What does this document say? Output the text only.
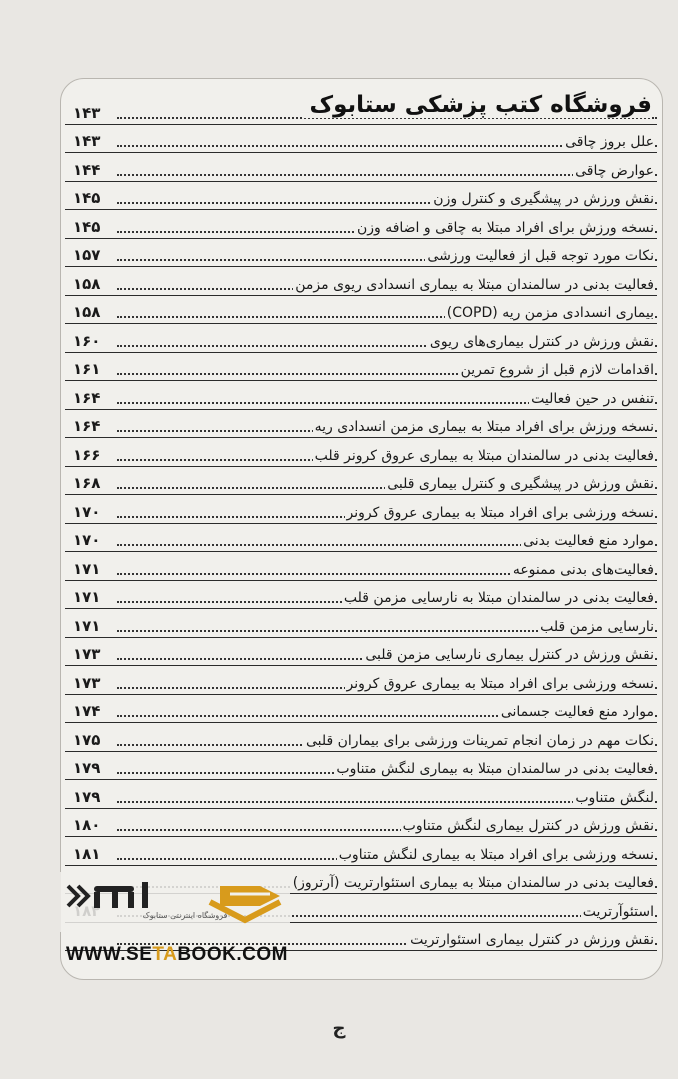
فروشگاه کتب پزشکی ستابوک
۱۴۳
علل بروز چاقی
۱۴۳
عوارض چاقی
۱۴۴
نقش ورزش در پیشگیری و کنترل وزن
۱۴۵
نسخه ورزش برای افراد مبتلا به چاقی و اضافه وزن
۱۴۵
نکات مورد توجه قبل از فعالیت ورزشی
۱۵۷
فعالیت بدنی در سالمندان مبتلا به بیماری انسدادی ریوی مزمن
۱۵۸
بیماری انسدادی مزمن ریه (COPD)
۱۵۸
نقش ورزش در کنترل بیماری‌های ریوی
۱۶۰
اقدامات لازم قبل از شروع تمرین
۱۶۱
تنفس در حین فعالیت
۱۶۴
نسخه ورزش برای افراد مبتلا به بیماری مزمن انسدادی ریه
۱۶۴
فعالیت بدنی در سالمندان مبتلا به بیماری عروق کرونر قلب
۱۶۶
نقش ورزش در پیشگیری و کنترل بیماری قلبی
۱۶۸
نسخه ورزشی برای افراد مبتلا به بیماری عروق کرونر
۱۷۰
موارد منع فعالیت بدنی
۱۷۰
فعالیت‌های بدنی ممنوعه
۱۷۱
فعالیت بدنی در سالمندان مبتلا به نارسایی مزمن قلب
۱۷۱
نارسایی مزمن قلب
۱۷۱
نقش ورزش در کنترل بیماری نارسایی مزمن قلبی
۱۷۳
نسخه ورزشی برای افراد مبتلا به بیماری عروق کرونر
۱۷۳
موارد منع فعالیت جسمانی
۱۷۴
نکات مهم در زمان انجام تمرینات ورزشی برای بیماران قلبی
۱۷۵
فعالیت بدنی در سالمندان مبتلا به بیماری لنگش متناوب
۱۷۹
لنگش متناوب
۱۷۹
نقش ورزش در کنترل بیماری لنگش متناوب
۱۸۰
نسخه ورزشی برای افراد مبتلا به بیماری لنگش متناوب
۱۸۱
فعالیت بدنی در سالمندان مبتلا به بیماری استئوارتریت (آرتروز)
استئوآرتریت
نقش ورزش در کنترل بیماری استئوارتریت
فروشگاه اینترنتی ستابوک
WWW.SETABOOK.COM
ج
